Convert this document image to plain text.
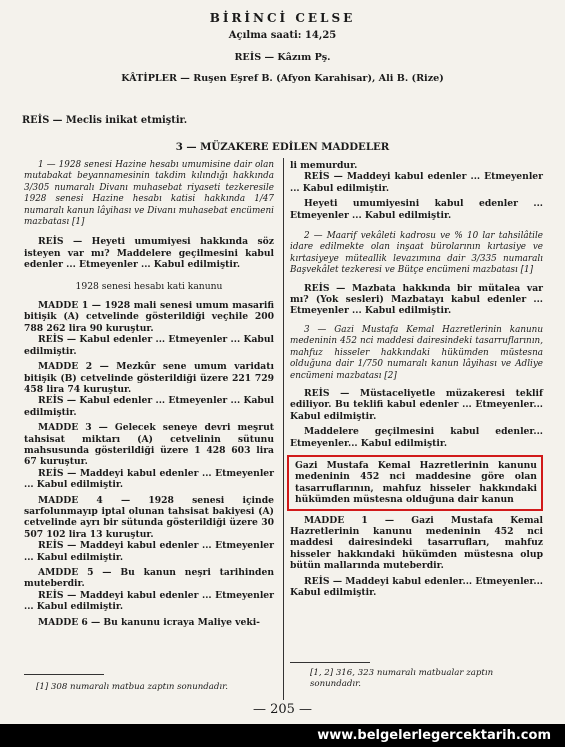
BİRİNCİ CELSE
Açılma saati: 14,25
REİS — Kâzım Pş.
KÂTİPLER — Ruşen Eşref B. (Afyon Karahisar), Ali B. (Rize)
REİS — Meclis inikat etmiştir.
3 — MÜZAKERE EDİLEN MADDELER

1 — 1928 senesi Hazine hesabı umumisine dair olan mutabakat beyannamesinin takdim kılındığı hakkında 3/305 numaralı Divanı muhasebat riyaseti tezkeresile 1928 senesi Hazine hesabı katisi hakkında 1/47 numaralı kanun lâyihası ve Divanı muhasebat encümeni mazbatası [1]

REİS — Heyeti umumiyesi hakkında söz isteyen var mı? Maddelere geçilmesini kabul edenler ... Etmeyenler ... Kabul edilmiştir.

1928 senesi hesabı kati kanunu

MADDE 1 — 1928 mali senesi umum masarifi bitişik (A) cetvelinde gösterildiği veçhile 200 788 262 lira 90 kuruştur.

REİS — Kabul edenler ... Etmeyenler ... Kabul edilmiştir.

MADDE 2 — Mezkûr sene umum varidatı bitişik (B) cetvelinde gösterildiği üzere 221 729 458 lira 74 kuruştur.

REİS — Kabul edenler ... Etmeyenler ... Kabul edilmiştir.

MADDE 3 — Gelecek seneye devri meşrut tahsisat miktarı (A) cetvelinin sütunu mahsusunda gösterildiği üzere 1 428 603 lira 67 kuruştur.

REİS — Maddeyi kabul edenler ... Etmeyenler ... Kabul edilmiştir.

MADDE 4 — 1928 senesi içinde sarfolunmayıp iptal olunan tahsisat bakiyesi (A) cetvelinde ayrı bir sütunda gösterildiği üzere 30 507 102 lira 13 kuruştur.

REİS — Maddeyi kabul edenler ... Etmeyenler ... Kabul edilmiştir.

AMDDE 5 — Bu kanun neşri tarihinden muteberdir.

REİS — Maddeyi kabul edenler ... Etmeyenler ... Kabul edilmiştir.

MADDE 6 — Bu kanunu icraya Maliye veki-

li memurdur.

REİS — Maddeyi kabul edenler ... Etmeyenler ... Kabul edilmiştir.

Heyeti umumiyesini kabul edenler ... Etmeyenler ... Kabul edilmiştir.

2 — Maarif vekâleti kadrosu ve % 10 lar tahsilâtile idare edilmekte olan inşaat bürolarının kırtasiye ve kırtasiyeye müteallik levazımına dair 3/335 numaralı Başvekâlet tezkeresi ve Bütçe encümeni mazbatası [1]

REİS — Mazbata hakkında bir mütalea var mı? (Yok sesleri) Mazbatayı kabul edenler ... Etmeyenler ... Kabul edilmiştir.

3 — Gazi Mustafa Kemal Hazretlerinin kanunu medeninin 452 nci maddesi dairesindeki tasarruflarının, mahfuz hisseler hakkındaki hükümden müstesna olduğuna dair 1/750 numaralı kanun lâyihası ve Adliye encümeni mazbatası [2]

REİS — Müstaceliyetle müzakeresi teklif ediliyor. Bu teklifi kabul edenler ... Etmeyenler... Kabul edilmiştir.

Maddelere geçilmesini kabul edenler... Etmeyenler... Kabul edilmiştir.

Gazi Mustafa Kemal Hazretlerinin kanunu medeninin 452 nci maddesine göre olan tasarruflarının, mahfuz hisseler hakkındaki hükümden müstesna olduğuna dair kanun

MADDE 1 — Gazi Mustafa Kemal Hazretlerinin kanunu medeninin 452 nci maddesi dairesindeki tasarrufları, mahfuz hisseler hakkındaki hükümden müstesna olup bütün mallarında muteberdir.

REİS — Maddeyi kabul edenler... Etmeyenler... Kabul edilmiştir.

[1] 308 numaralı matbua zaptın sonundadır.
[1, 2] 316, 323 numaralı matbualar zaptın sonundadır.
— 205 —
www.belgelerlegercektarih.com
